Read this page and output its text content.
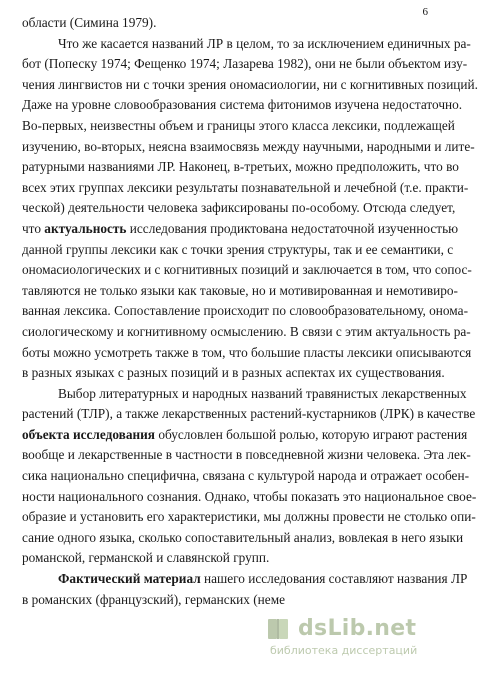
6
области (Симина 1979).
Что же касается названий ЛР в целом, то за исключением единичных ра-
бот (Попеску 1974; Фещенко 1974; Лазарева 1982), они не были объектом изу-
чения лингвистов ни с точки зрения ономасиологии, ни с когнитивных позиций.
Даже на уровне словообразования система фитонимов изучена недостаточно.
Во-первых, неизвестны объем и границы этого класса лексики, подлежащей
изучению, во-вторых, неясна взаимосвязь между научными, народными и лите-
ратурными названиями ЛР. Наконец, в-третьих, можно предположить, что во
всех этих группах лексики результаты познавательной и лечебной (т.е. практи-
ческой) деятельности человека зафиксированы по-особому. Отсюда следует,
что актуальность исследования продиктована недостаточной изученностью
данной группы лексики как с точки зрения структуры, так и ее семантики, с
ономасиологических и с когнитивных позиций и заключается в том, что сопос-
тавляются не только языки как таковые, но и мотивированная и немотивиро-
ванная лексика. Сопоставление происходит по словообразовательному, ономa-
сиологическому и когнитивному осмыслению. В связи с этим актуальность ра-
боты можно усмотреть также в том, что большие пласты лексики описываются
в разных языках с разных позиций и в разных аспектах их существования.
Выбор литературных и народных названий травянистых лекарственных
растений (ТЛР), а также лекарственных растений-кустарников (ЛРК) в качестве
объекта исследования обусловлен большой ролью, которую играют растения
вообще и лекарственные в частности в повседневной жизни человека. Эта лек-
сика национально специфична, связана с культурой народа и отражает особен-
ности национального сознания. Однако, чтобы показать это национальное свое-
образие и установить его характеристики, мы должны провести не столько опи-
сание одного языка, сколько сопоставительный анализ, вовлекая в него языки
романской, германской и славянской групп.
Фактический материал нашего исследования составляют названия ЛР
в романских (французский), германских (неме
dsLib.net
библиотека диссертаций
